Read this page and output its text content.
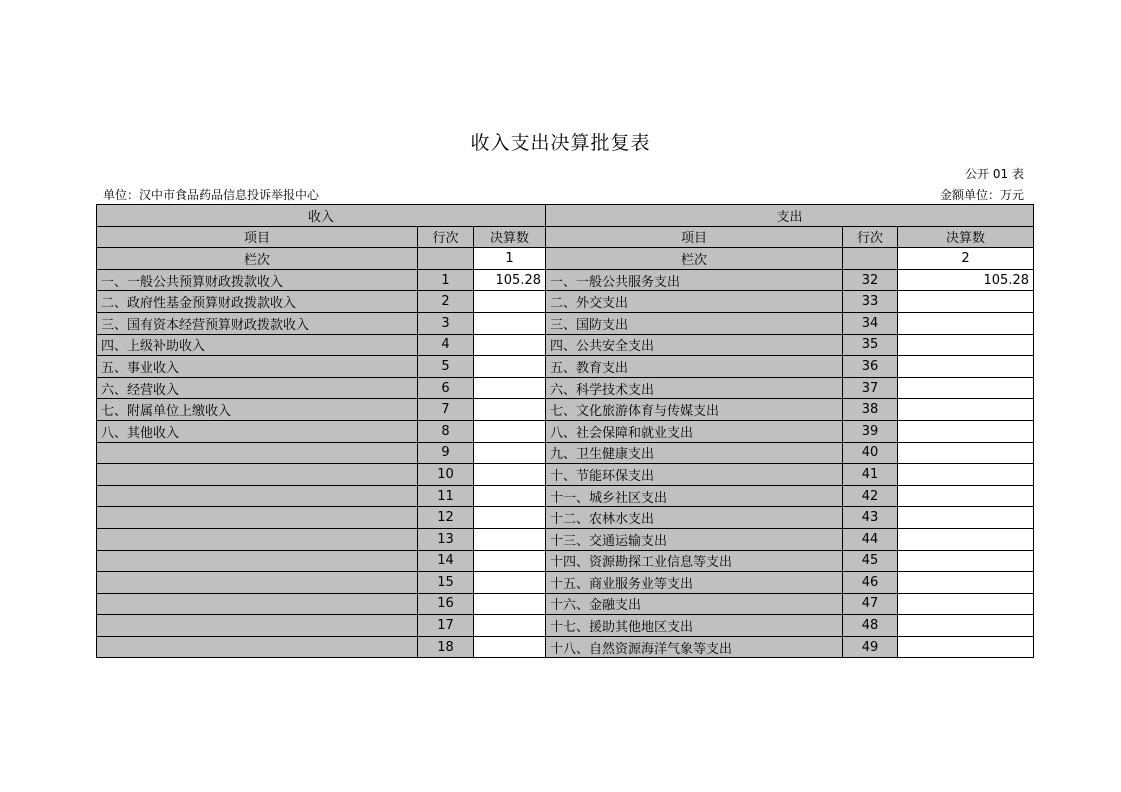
收入支出决算批复表
公开 01 表
单位：汉中市食品药品信息投诉举报中心	金额单位：万元
收入			支出		
项目	行次	决算数	项目	行次	决算数
栏次		1	栏次		2
一、一般公共预算财政拨款收入	1	105.28	一、一般公共服务支出	32	105.28
二、政府性基金预算财政拨款收入	2		二、外交支出	33	
三、国有资本经营预算财政拨款收入	3		三、国防支出	34	
四、上级补助收入	4		四、公共安全支出	35	
五、事业收入	5		五、教育支出	36	
六、经营收入	6		六、科学技术支出	37	
七、附属单位上缴收入	7		七、文化旅游体育与传媒支出	38	
八、其他收入	8		八、社会保障和就业支出	39	
	9		九、卫生健康支出	40	
	10		十、节能环保支出	41	
	11		十一、城乡社区支出	42	
	12		十二、农林水支出	43	
	13		十三、交通运输支出	44	
	14		十四、资源勘探工业信息等支出	45	
	15		十五、商业服务业等支出	46	
	16		十六、金融支出	47	
	17		十七、援助其他地区支出	48	
	18		十八、自然资源海洋气象等支出	49	
